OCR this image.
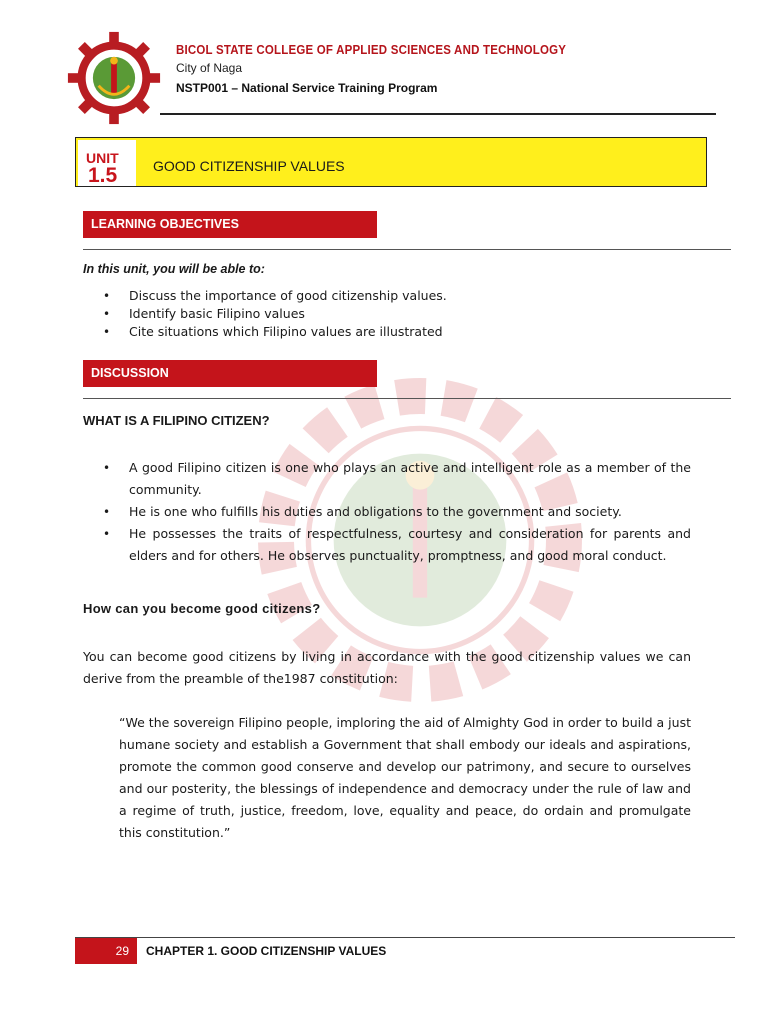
BICOL STATE COLLEGE OF APPLIED SCIENCES AND TECHNOLOGY
City of Naga
NSTP001 – National Service Training Program
UNIT
1.5	GOOD CITIZENSHIP VALUES
LEARNING OBJECTIVES
In this unit, you will be able to:
• Discuss the importance of good citizenship values.
• Identify basic Filipino values
• Cite situations which Filipino values are illustrated
DISCUSSION
WHAT IS A FILIPINO CITIZEN?
• A good Filipino citizen is one who plays an active and intelligent role as a member of the community.
• He is one who fulfills his duties and obligations to the government and society.
• He possesses the traits of respectfulness, courtesy and consideration for parents and elders and for others. He observes punctuality, promptness, and good moral conduct.
How can you become good citizens?
You can become good citizens by living in accordance with the good citizenship values we can derive from the preamble of the1987 constitution:
“We the sovereign Filipino people, imploring the aid of Almighty God in order to build a just humane society and establish a Government that shall embody our ideals and aspirations, promote the common good conserve and develop our patrimony, and secure to ourselves and our posterity, the blessings of independence and democracy under the rule of law and a regime of truth, justice, freedom, love, equality and peace, do ordain and promulgate this constitution.”
29	CHAPTER 1. GOOD CITIZENSHIP VALUES
